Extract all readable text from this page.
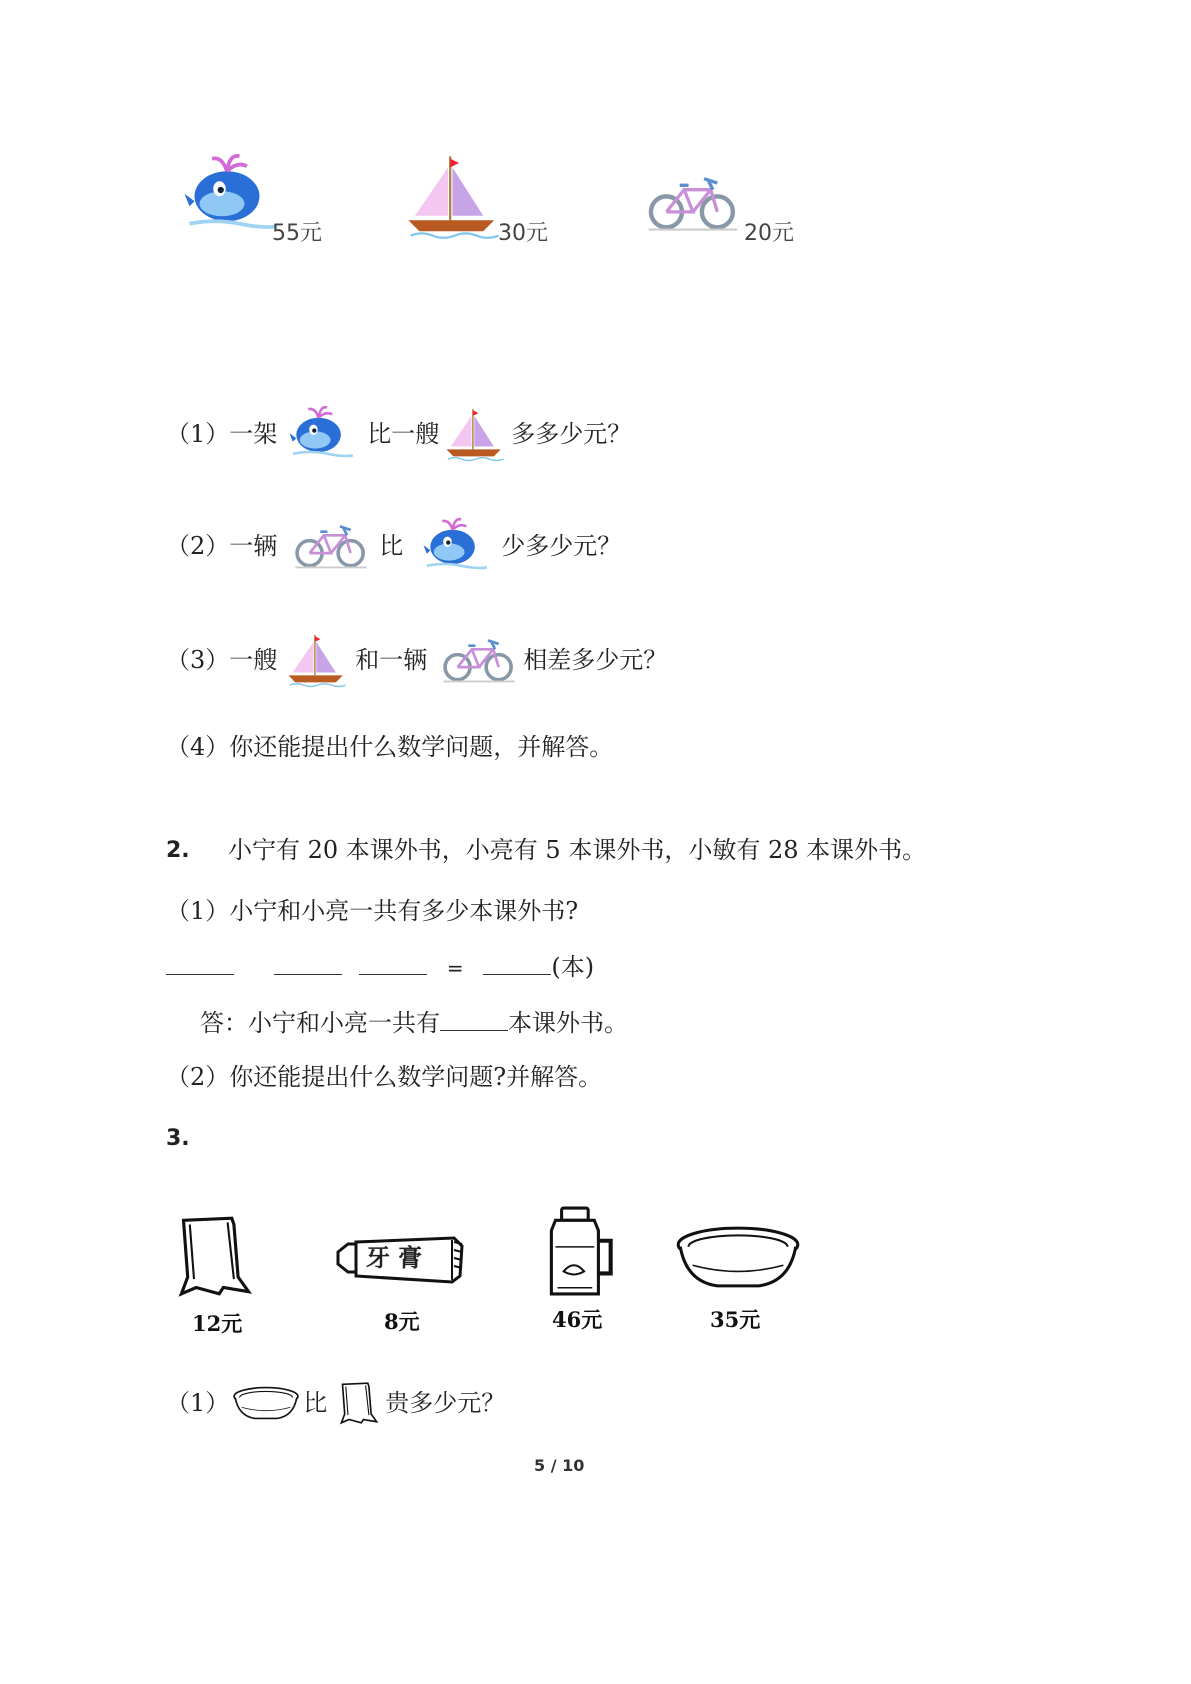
55元	30元	20元
（1）一架	比一艘	多多少元？
（2）一辆	比	少多少元？
（3）一艘	和一辆	相差多少元？
（4）你还能提出什么数学问题，并解答。
2. 小宁有 20 本课外书，小亮有 5 本课外书，小敏有 28 本课外书。
（1）小宁和小亮一共有多少本课外书?
=	(本)
答：小宁和小亮一共有	本课外书。
（2）你还能提出什么数学问题?并解答。
3.
12元
牙膏
8元	46元	35元
（1）	比 贵多少元？
5 / 10
